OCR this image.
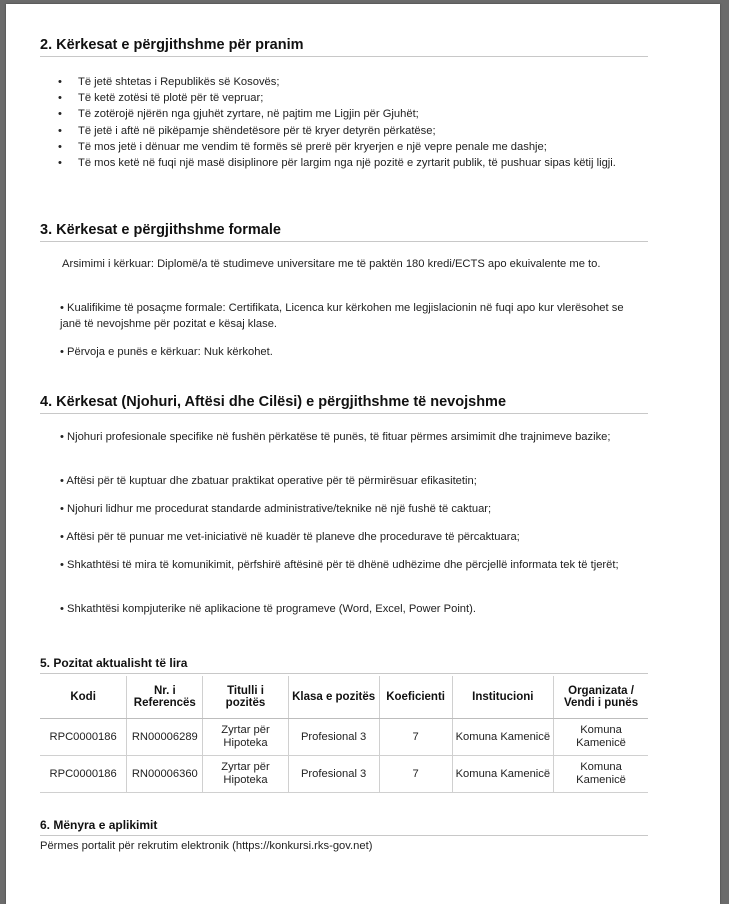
2. Kërkesat e përgjithshme për pranim
• Të jetë shtetas i Republikës së Kosovës;
• Të ketë zotësi të plotë për të vepruar;
• Të zotërojë njërën nga gjuhët zyrtare, në pajtim me Ligjin për Gjuhët;
• Të jetë i aftë në pikëpamje shëndetësore për të kryer detyrën përkatëse;
• Të mos jetë i dënuar me vendim të formës së prerë për kryerjen e një vepre penale me dashje;
• Të mos ketë në fuqi një masë disiplinore për largim nga një pozitë e zyrtarit publik, të pushuar sipas këtij ligji.
3. Kërkesat e përgjithshme formale

Arsimimi i kërkuar: Diplomë/a të studimeve universitare me të paktën 180 kredi/ECTS apo ekuivalente me to.

• Kualifikime të posaçme formale: Certifikata, Licenca kur kërkohen me legjislacionin në fuqi apo kur vlerësohet se janë të nevojshme për pozitat e kësaj klase.

• Përvoja e punës e kërkuar: Nuk kërkohet.

4. Kërkesat (Njohuri, Aftësi dhe Cilësi) e përgjithshme të nevojshme

• Njohuri profesionale specifike në fushën përkatëse të punës, të fituar përmes arsimimit dhe trajnimeve bazike;

• Aftësi për të kuptuar dhe zbatuar praktikat operative për të përmirësuar efikasitetin;

• Njohuri lidhur me procedurat standarde administrative/teknike në një fushë të caktuar;

• Aftësi për të punuar me vet-iniciativë në kuadër të planeve dhe procedurave të përcaktuara;

• Shkathtësi të mira të komunikimit, përfshirë aftësinë për të dhënë udhëzime dhe përcjellë informata tek të tjerët;

• Shkathtësi kompjuterike në aplikacione të programeve (Word, Excel, Power Point).

5. Pozitat aktualisht të lira
Kodi	Nr. i Referencës	Titulli i pozitës	Klasa e pozitës	Koeficienti	Institucioni	Organizata / Vendi i punës
RPC0000186	RN00006289	Zyrtar për Hipoteka	Profesional 3	7	Komuna Kamenicë	Komuna Kamenicë
RPC0000186	RN00006360	Zyrtar për Hipoteka	Profesional 3	7	Komuna Kamenicë	Komuna Kamenicë
6. Mënyra e aplikimit
Përmes portalit për rekrutim elektronik (https://konkursi.rks-gov.net)
